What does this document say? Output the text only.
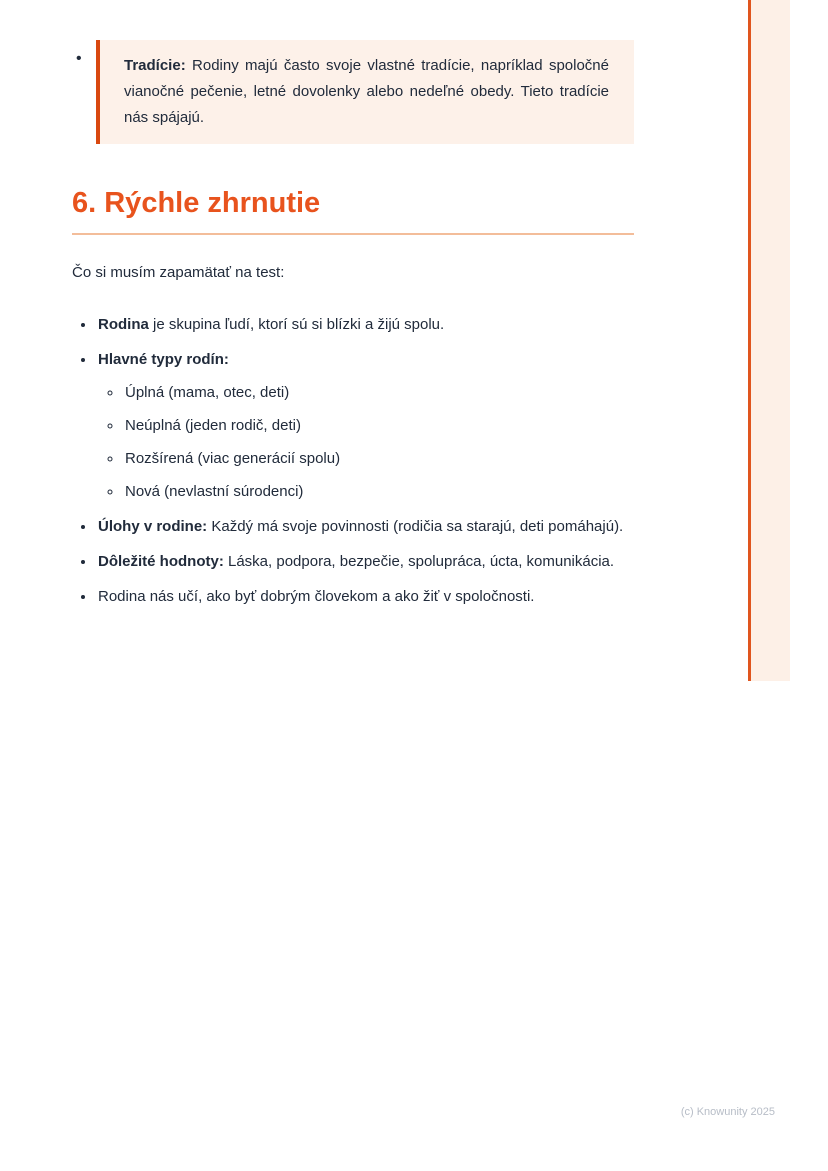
•	Tradície: Rodiny majú často svoje vlastné tradície, napríklad spoločné vianočné pečenie, letné dovolenky alebo nedeľné obedy. Tieto tradície nás spájajú.

6. Rýchle zhrnutie

Čo si musím zapamätať na test:

• Rodina je skupina ľudí, ktorí sú si blízki a žijú spolu.
• Hlavné typy rodín:
◦ Úplná (mama, otec, deti)
◦ Neúplná (jeden rodič, deti)
◦ Rozšírená (viac generácií spolu)
◦ Nová (nevlastní súrodenci)
• Úlohy v rodine: Každý má svoje povinnosti (rodičia sa starajú, deti pomáhajú).
• Dôležité hodnoty: Láska, podpora, bezpečie, spolupráca, úcta, komunikácia.
• Rodina nás učí, ako byť dobrým človekom a ako žiť v spoločnosti.
(c) Knowunity 2025
